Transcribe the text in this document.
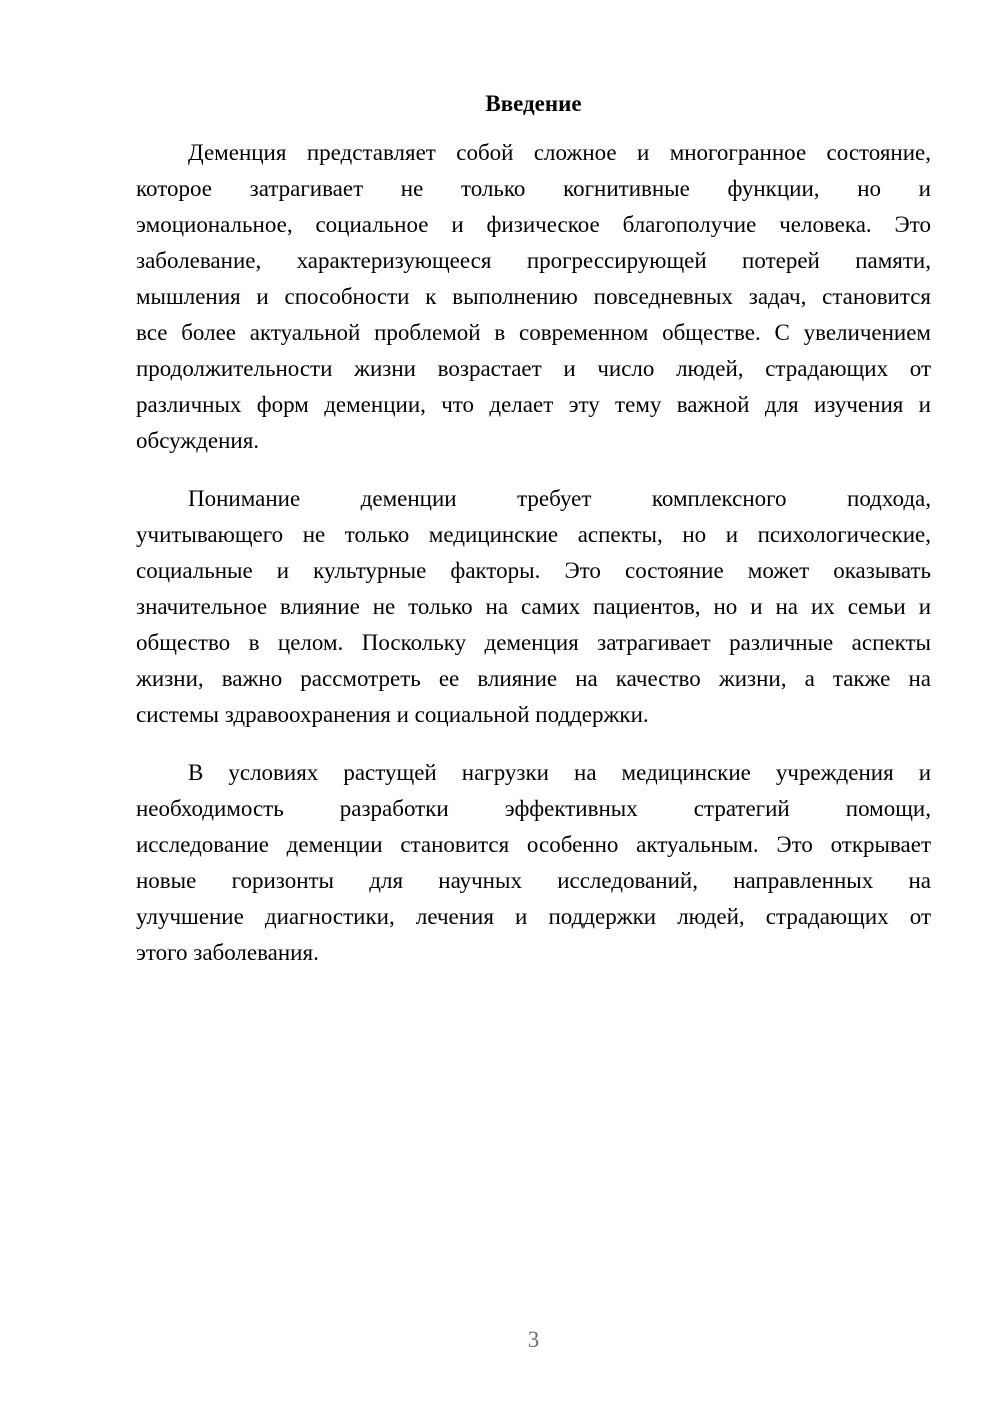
Введение
Деменция представляет собой сложное и многогранное состояние,
которое затрагивает не только когнитивные функции, но и
эмоциональное, социальное и физическое благополучие человека. Это
заболевание, характеризующееся прогрессирующей потерей памяти,
мышления и способности к выполнению повседневных задач, становится
все более актуальной проблемой в современном обществе. С увеличением
продолжительности жизни возрастает и число людей, страдающих от
различных форм деменции, что делает эту тему важной для изучения и
обсуждения.
Понимание деменции требует комплексного подхода,
учитывающего не только медицинские аспекты, но и психологические,
социальные и культурные факторы. Это состояние может оказывать
значительное влияние не только на самих пациентов, но и на их семьи и
общество в целом. Поскольку деменция затрагивает различные аспекты
жизни, важно рассмотреть ее влияние на качество жизни, а также на
системы здравоохранения и социальной поддержки.
В условиях растущей нагрузки на медицинские учреждения и
необходимость разработки эффективных стратегий помощи,
исследование деменции становится особенно актуальным. Это открывает
новые горизонты для научных исследований, направленных на
улучшение диагностики, лечения и поддержки людей, страдающих от
этого заболевания.
3
